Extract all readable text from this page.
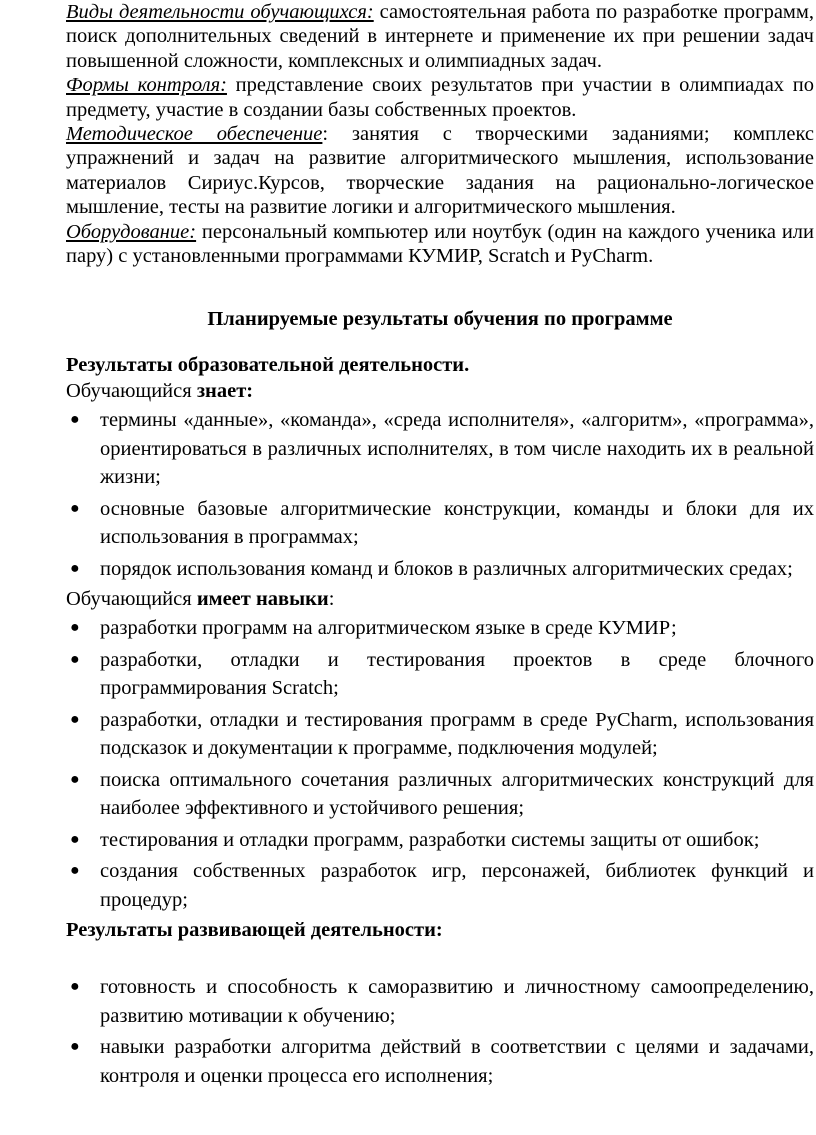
Виды деятельности обучающихся: самостоятельная работа по разработке программ, поиск дополнительных сведений в интернете и применение их при решении задач повышенной сложности, комплексных и олимпиадных задач.

Формы контроля: представление своих результатов при участии в олимпиадах по предмету, участие в создании базы собственных проектов.

Методическое обеспечение: занятия с творческими заданиями; комплекс упражнений и задач на развитие алгоритмического мышления, использование материалов Сириус.Курсов, творческие задания на рационально-логическое мышление, тесты на развитие логики и алгоритмического мышления.

Оборудование: персональный компьютер или ноутбук (один на каждого ученика или пару) с установленными программами КУМИР, Scratch и PyCharm.

Планируемые результаты обучения по программе

Результаты образовательной деятельности.

Обучающийся знает:

● термины «данные», «команда», «среда исполнителя», «алгоритм», «программа», ориентироваться в различных исполнителях, в том числе находить их в реальной жизни;
● основные базовые алгоритмические конструкции, команды и блоки для их использования в программах;
● порядок использования команд и блоков в различных алгоритмических средах;

Обучающийся имеет навыки:

● разработки программ на алгоритмическом языке в среде КУМИР;
● разработки, отладки и тестирования проектов в среде блочного программирования Scratch;
● разработки, отладки и тестирования программ в среде PyCharm, использования подсказок и документации к программе, подключения модулей;
● поиска оптимального сочетания различных алгоритмических конструкций для наиболее эффективного и устойчивого решения;
● тестирования и отладки программ, разработки системы защиты от ошибок;
● создания собственных разработок игр, персонажей, библиотек функций и процедур;

Результаты развивающей деятельности:

● готовность и способность к саморазвитию и личностному самоопределению, развитию мотивации к обучению;
● навыки разработки алгоритма действий в соответствии с целями и задачами, контроля и оценки процесса его исполнения;
